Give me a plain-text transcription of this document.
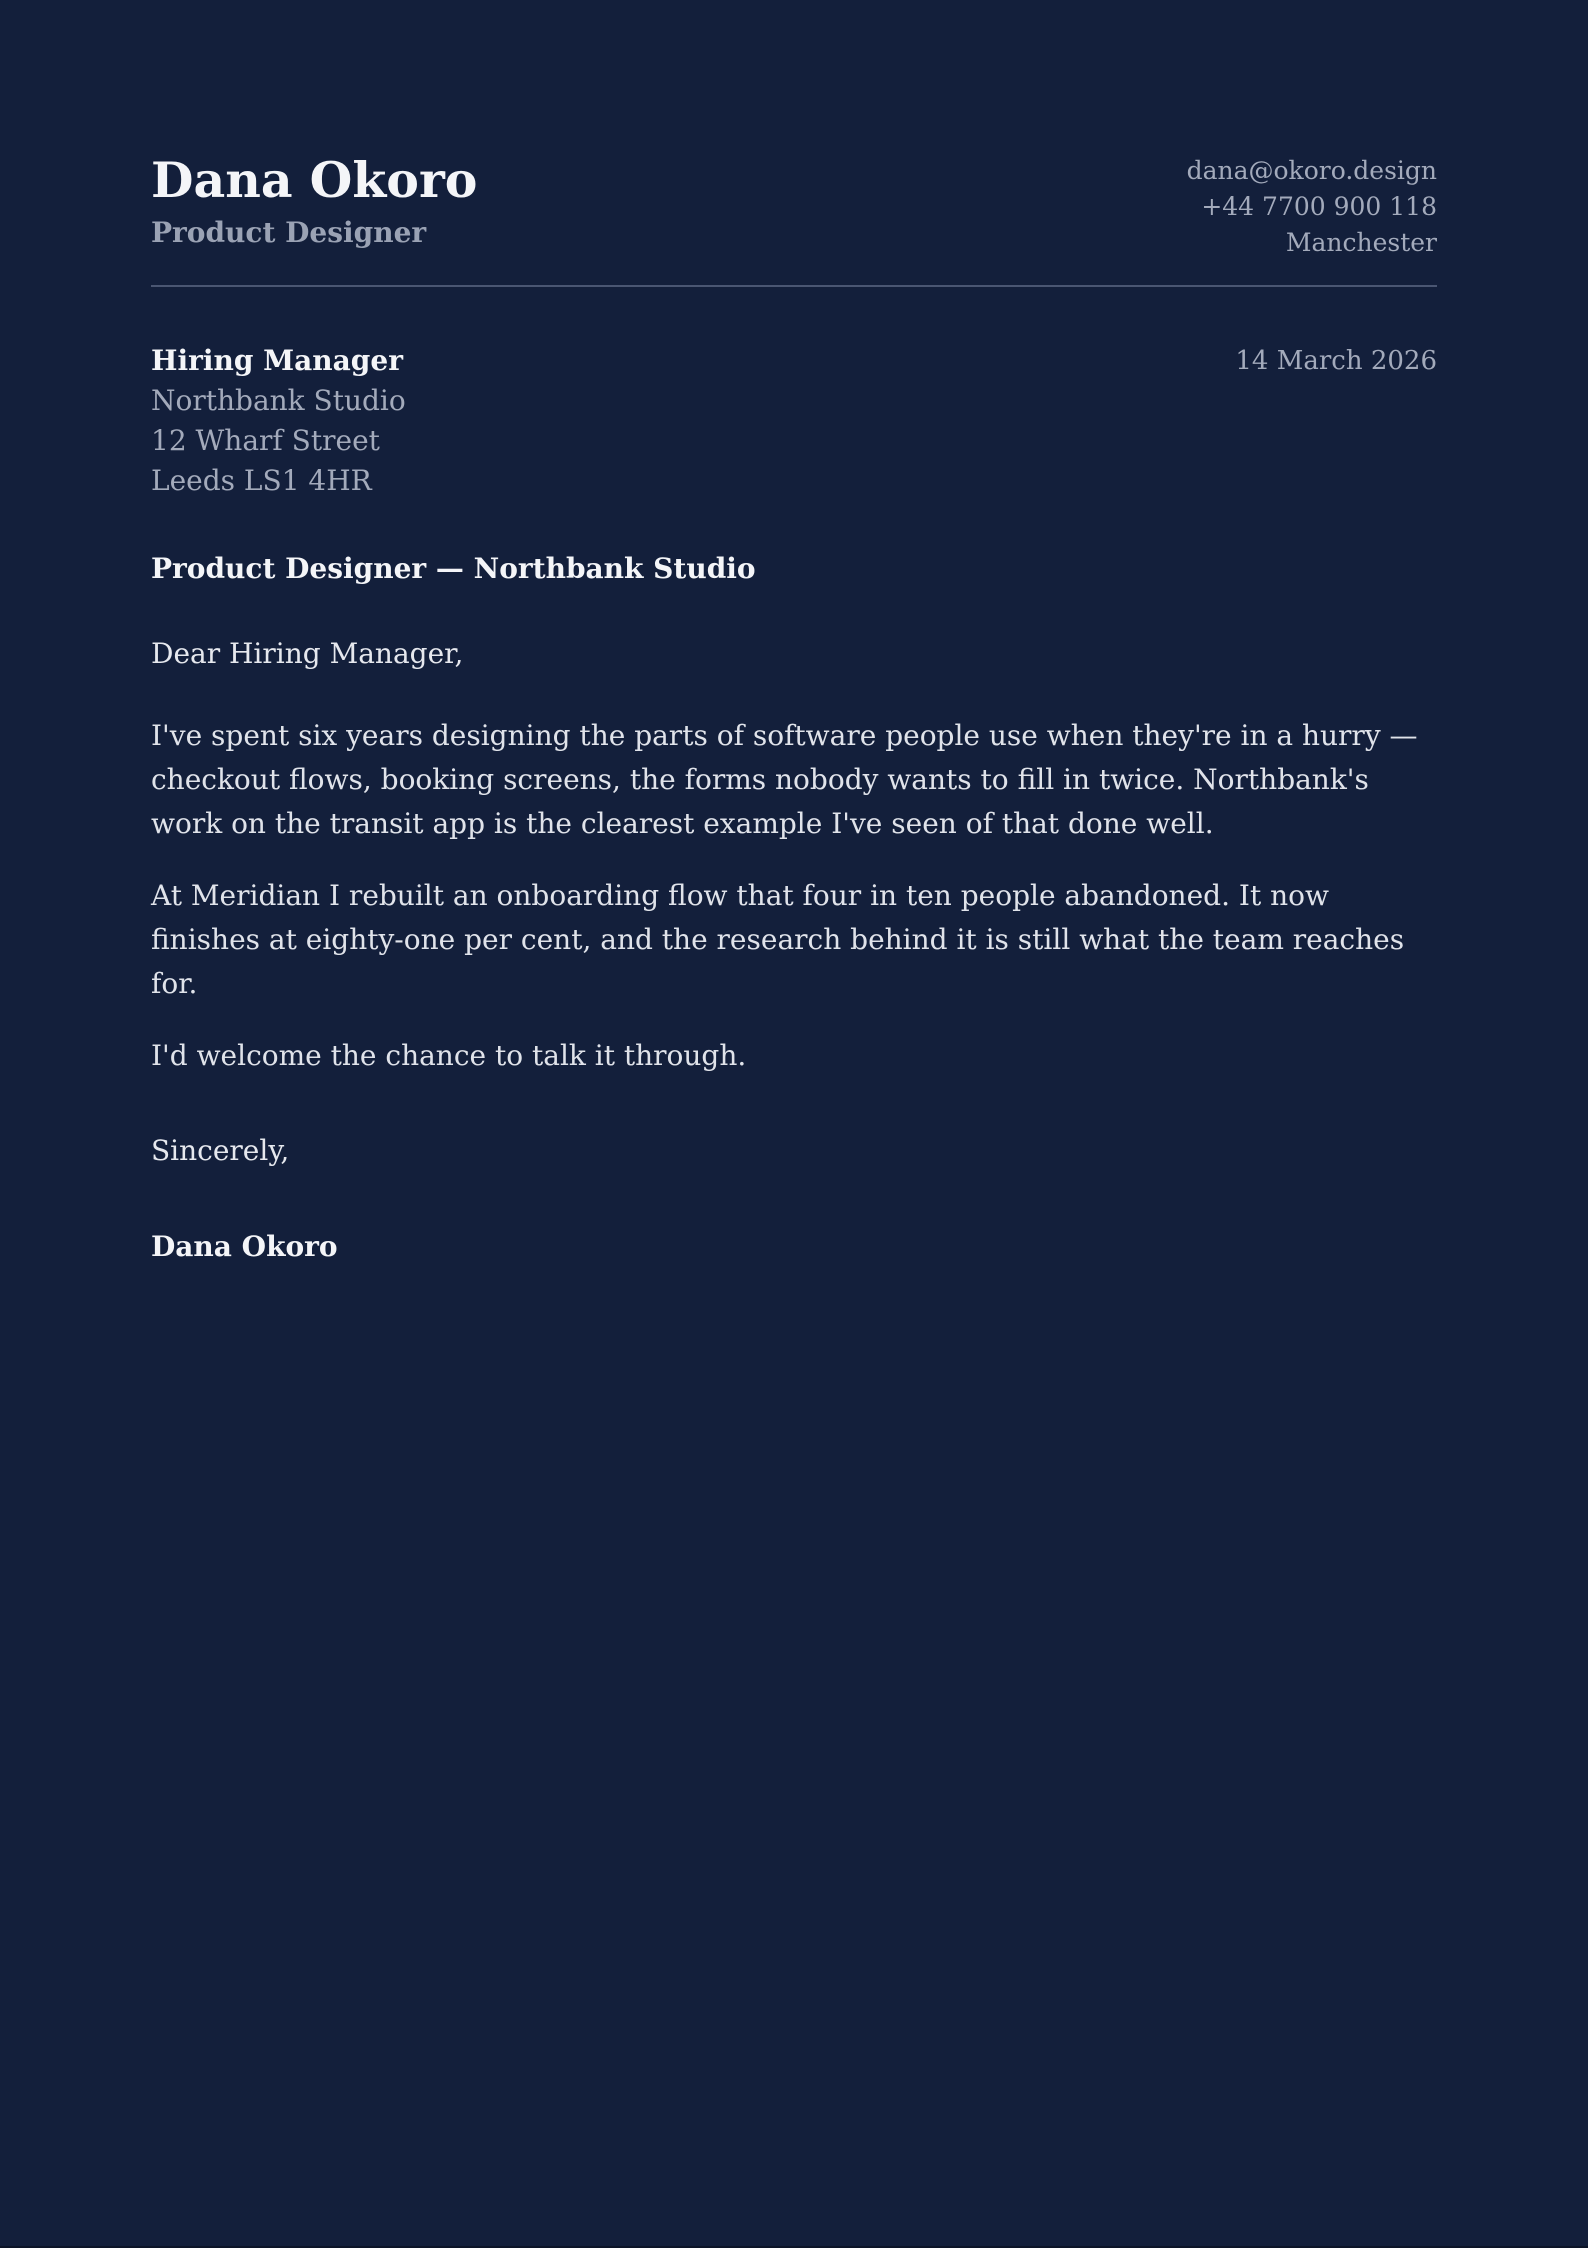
Dana Okoro
Product Designer
dana@okoro.design
+44 7700 900 118
Manchester
Hiring Manager
Northbank Studio
12 Wharf Street
Leeds LS1 4HR
14 March 2026
Product Designer — Northbank Studio
Dear Hiring Manager,

I've spent six years designing the parts of software people use when they're in a hurry — checkout flows, booking screens, the forms nobody wants to fill in twice. Northbank's work on the transit app is the clearest example I've seen of that done well.

At Meridian I rebuilt an onboarding flow that four in ten people abandoned. It now finishes at eighty-one per cent, and the research behind it is still what the team reaches for.

I'd welcome the chance to talk it through.

Sincerely,
Dana Okoro
